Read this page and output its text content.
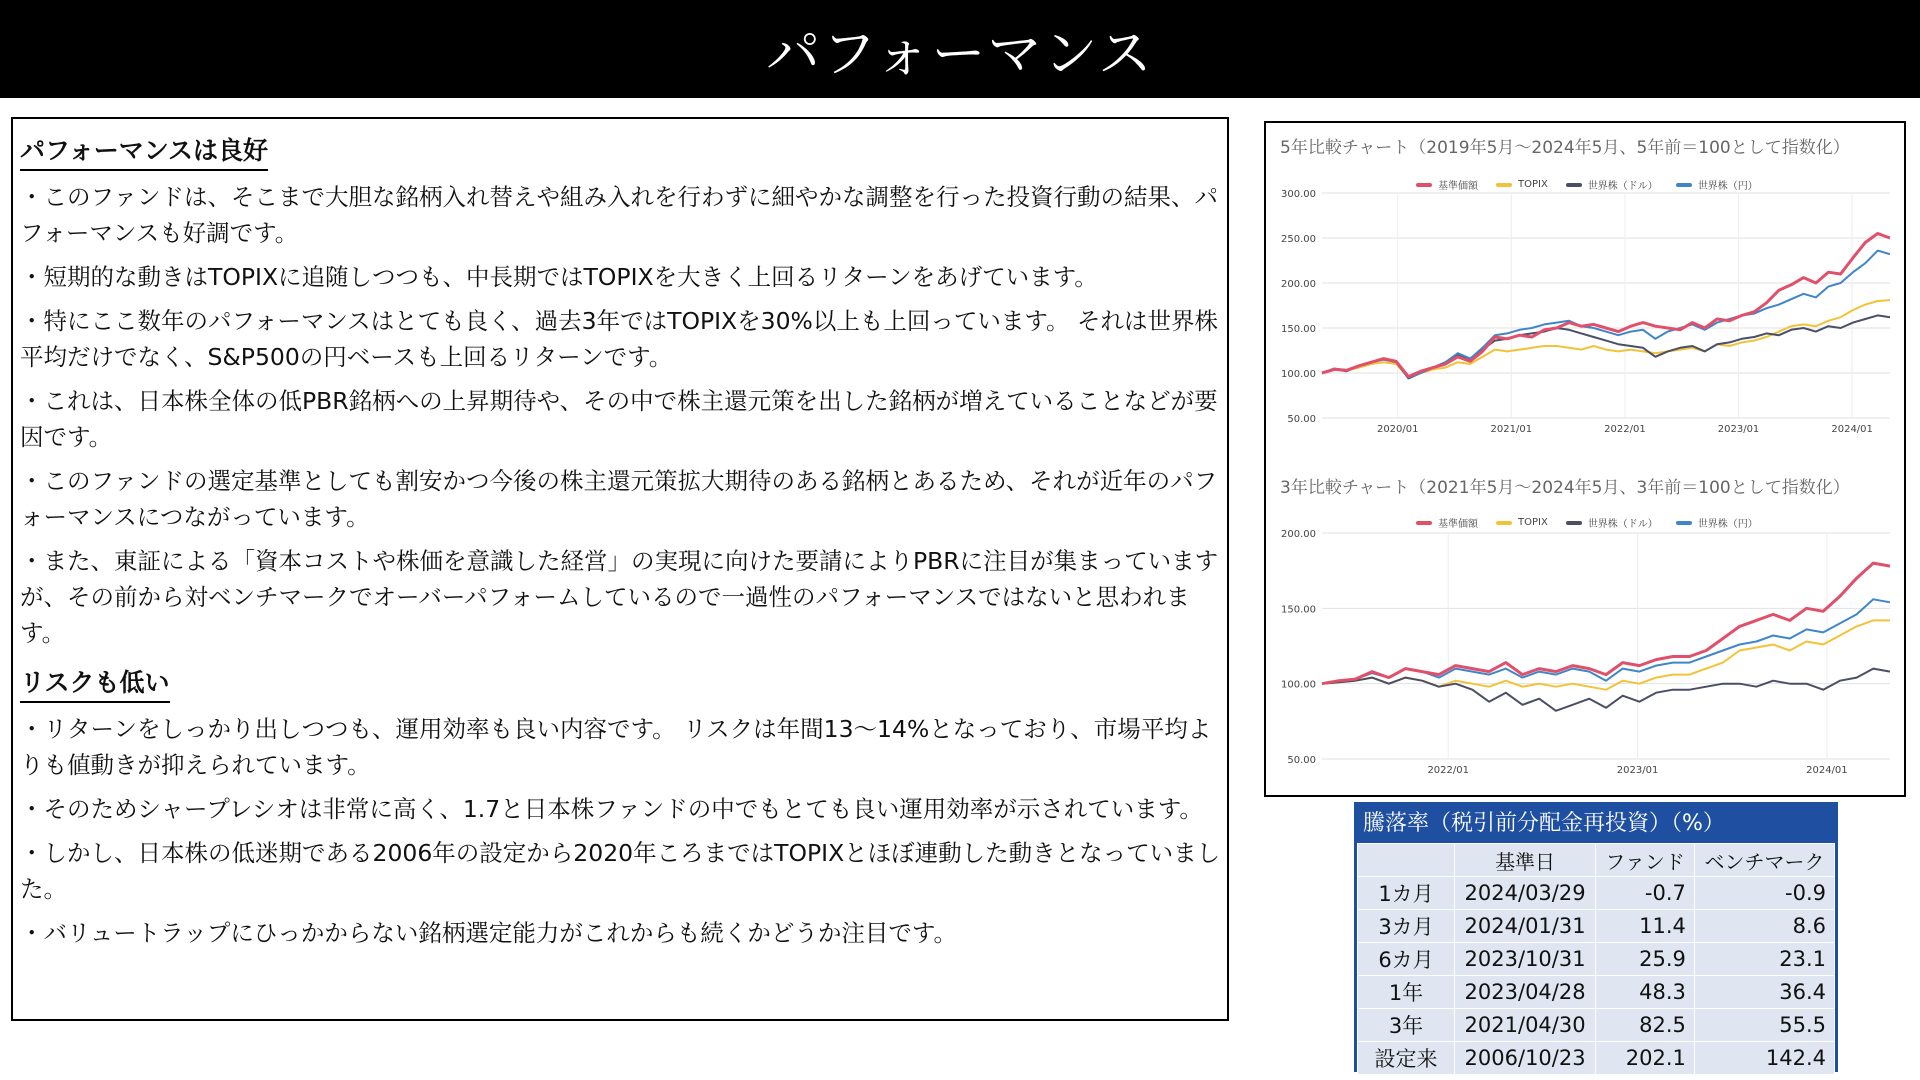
パフォーマンス
パフォーマンスは良好

・このファンドは、そこまで大胆な銘柄入れ替えや組み入れを行わずに細やかな調整を行った投資行動の結果、パフォーマンスも好調です。

・短期的な動きはTOPIXに追随しつつも、中長期ではTOPIXを大きく上回るリターンをあげています。

・特にここ数年のパフォーマンスはとても良く、過去3年ではTOPIXを30%以上も上回っています。 それは世界株平均だけでなく、S&P500の円ベースも上回るリターンです。

・これは、日本株全体の低PBR銘柄への上昇期待や、その中で株主還元策を出した銘柄が増えていることなどが要因です。

・このファンドの選定基準としても割安かつ今後の株主還元策拡大期待のある銘柄とあるため、それが近年のパフォーマンスにつながっています。

・また、東証による「資本コストや株価を意識した経営」の実現に向けた要請によりPBRに注目が集まっていますが、その前から対ベンチマークでオーバーパフォームしているので一過性のパフォーマンスではないと思われます。

リスクも低い

・リターンをしっかり出しつつも、運用効率も良い内容です。 リスクは年間13〜14%となっており、市場平均よりも値動きが抑えられています。

・そのためシャープレシオは非常に高く、1.7と日本株ファンドの中でもとても良い運用効率が示されています。

・しかし、日本株の低迷期である2006年の設定から2020年ころまではTOPIXとほぼ連動した動きとなっていました。

・バリュートラップにひっかからない銘柄選定能力がこれからも続くかどうか注目です。

5年比較チャート（2019年5月〜2024年5月、5年前＝100として指数化）
基準価額	TOPIX	世界株（ドル）	世界株（円）
300.00
250.00
200.00
150.00
100.00
50.00
2020/01	2021/01	2022/01	2023/01	2024/01
3年比較チャート（2021年5月〜2024年5月、3年前＝100として指数化）
基準価額	TOPIX	世界株（ドル）	世界株（円）
200.00
150.00
100.00
50.00
2022/01	2023/01	2024/01
騰落率（税引前分配金再投資）（%）
	基準日	ファンド	ベンチマーク
1カ月	2024/03/29	-0.7	-0.9
3カ月	2024/01/31	11.4	8.6
6カ月	2023/10/31	25.9	23.1
1年	2023/04/28	48.3	36.4
3年	2021/04/30	82.5	55.5
設定来	2006/10/23	202.1	142.4
